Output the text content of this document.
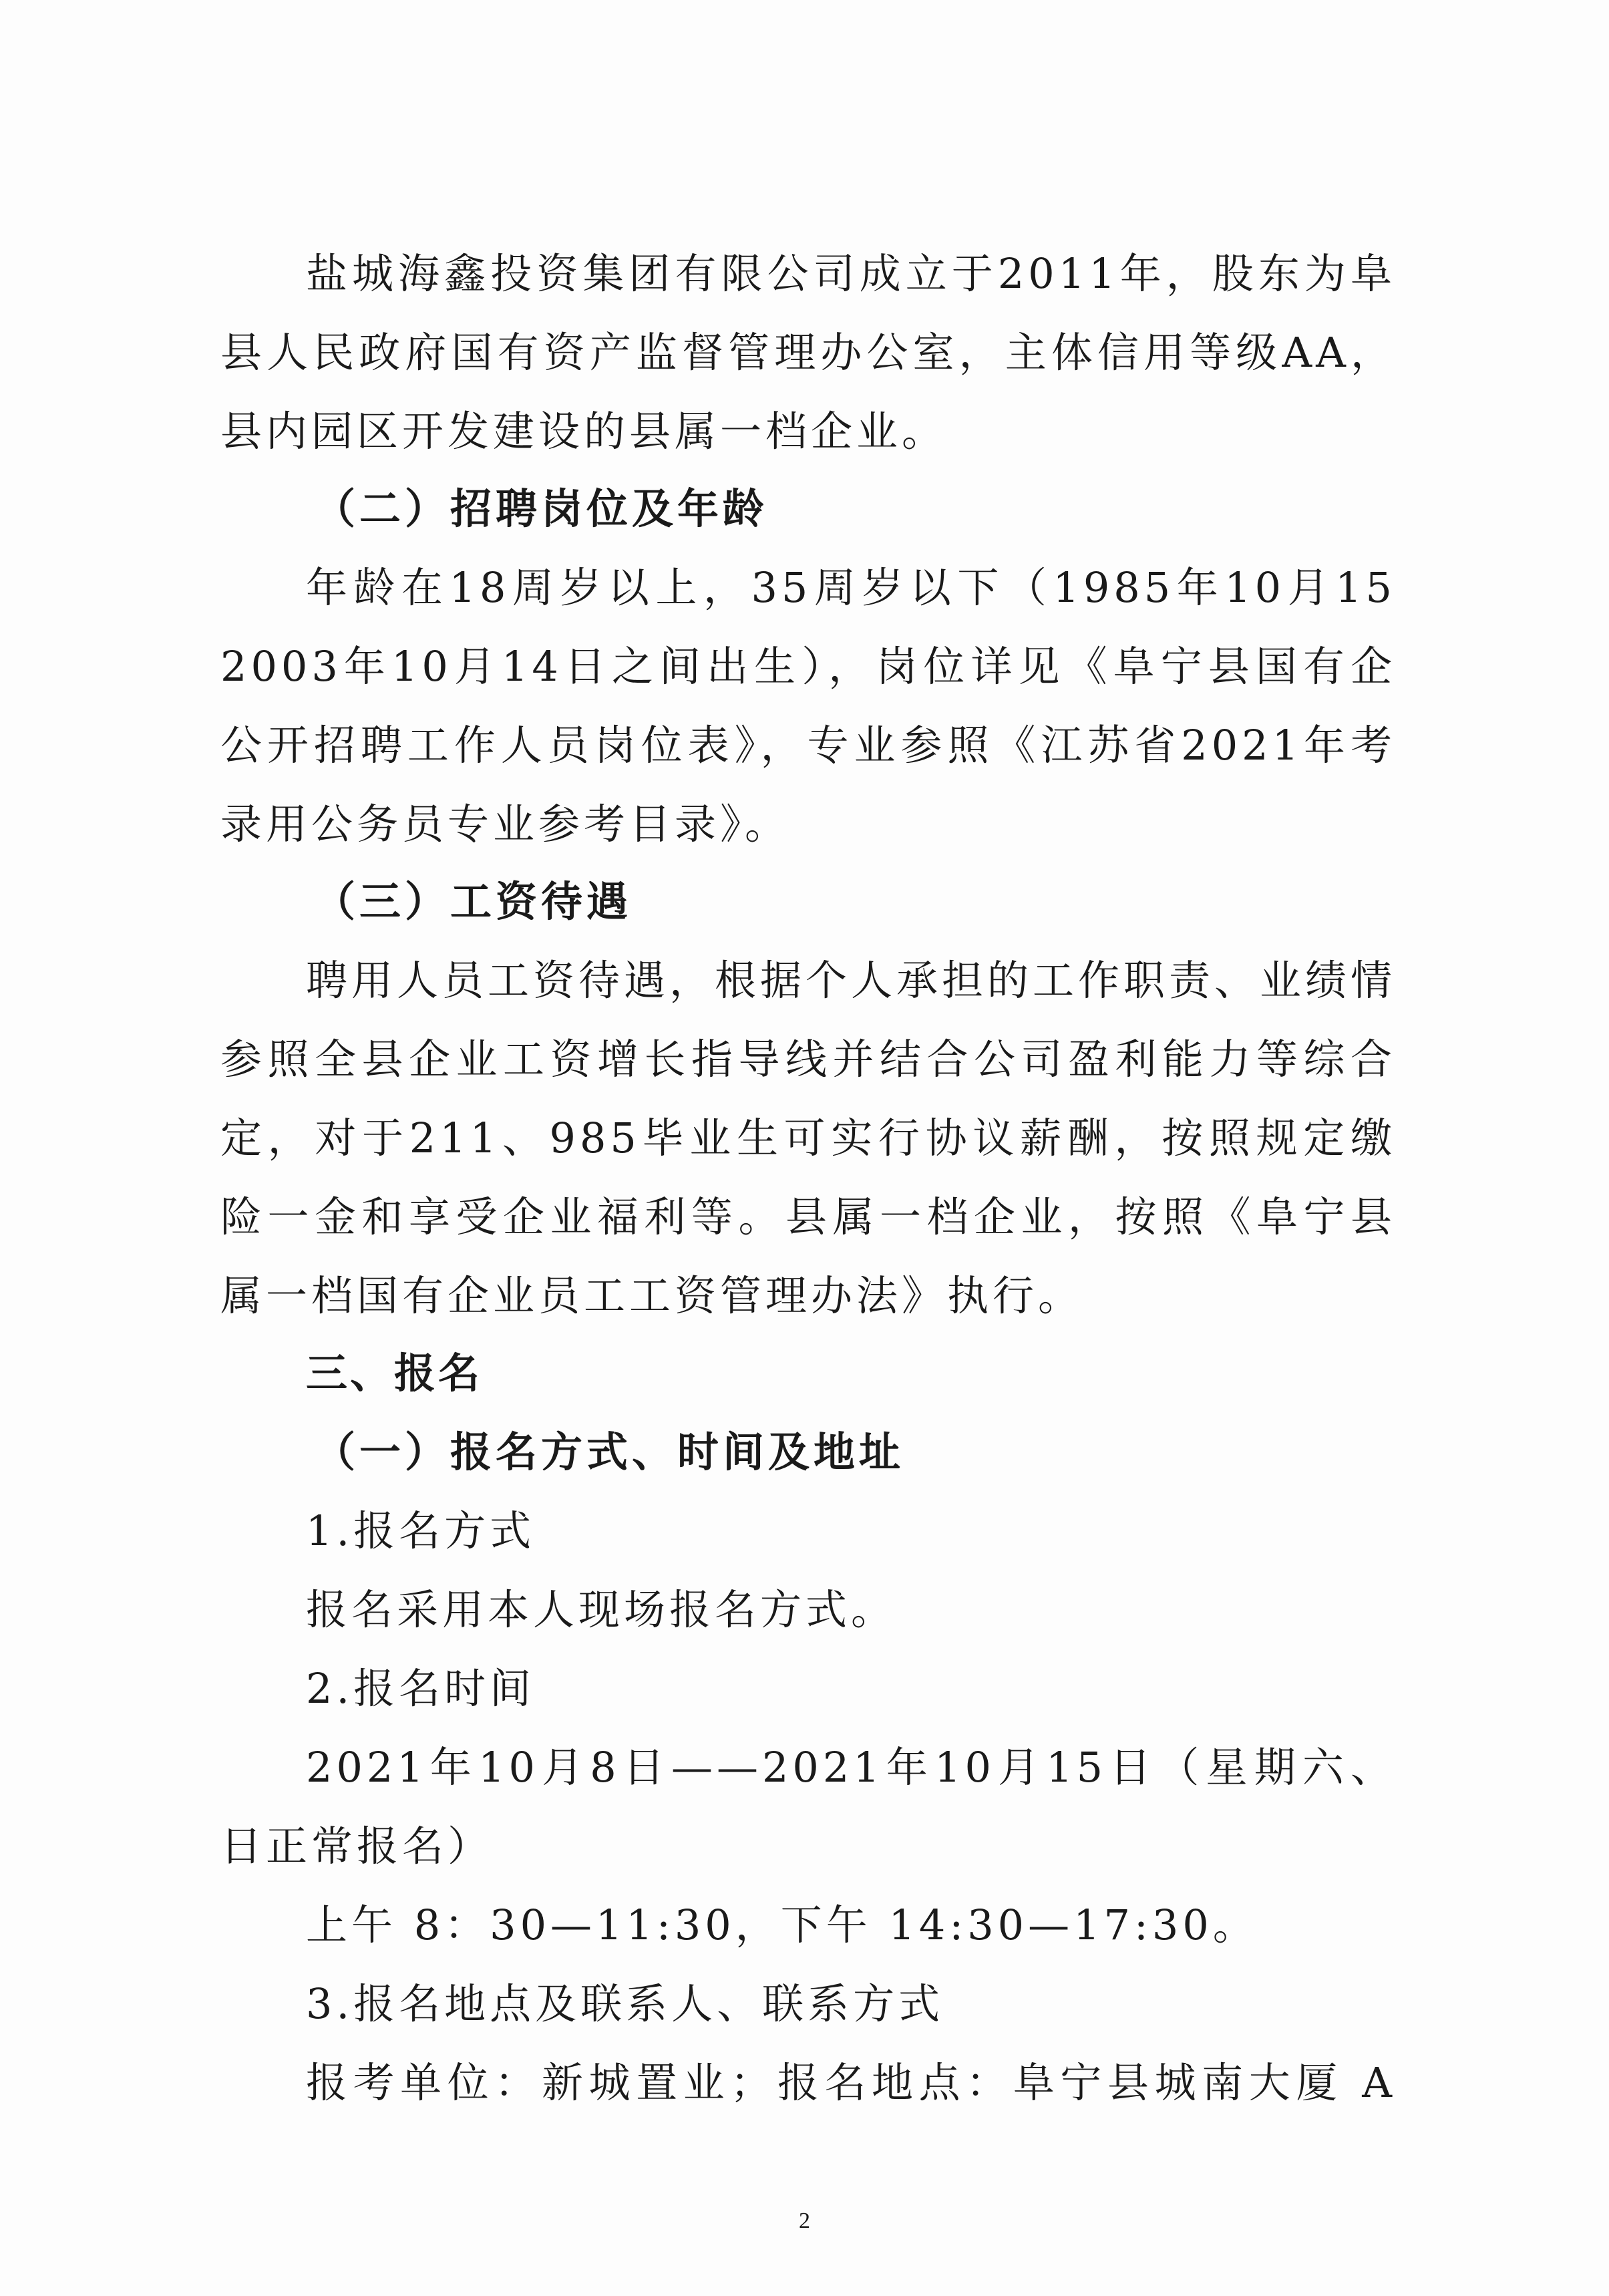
盐城海鑫投资集团有限公司成立于2011年，股东为阜
县人民政府国有资产监督管理办公室，主体信用等级AA，
县内园区开发建设的县属一档企业。
（二）招聘岗位及年龄
年龄在18周岁以上，35周岁以下（1985年10月15
2003年10月14日之间出生），岗位详见《阜宁县国有企
公开招聘工作人员岗位表》，专业参照《江苏省2021年考
录用公务员专业参考目录》。
（三）工资待遇
聘用人员工资待遇，根据个人承担的工作职责、业绩情
参照全县企业工资增长指导线并结合公司盈利能力等综合
定，对于211、985毕业生可实行协议薪酬，按照规定缴
险一金和享受企业福利等。县属一档企业，按照《阜宁县
属一档国有企业员工工资管理办法》执行。
三、报名
（一）报名方式、时间及地址
1.报名方式
报名采用本人现场报名方式。
2.报名时间
2021年10月8日——2021年10月15日（星期六、
日正常报名）
上午 8：30—11:30，下午 14:30—17:30。
3.报名地点及联系人、联系方式
报考单位：新城置业；报名地点：阜宁县城南大厦 A
2
